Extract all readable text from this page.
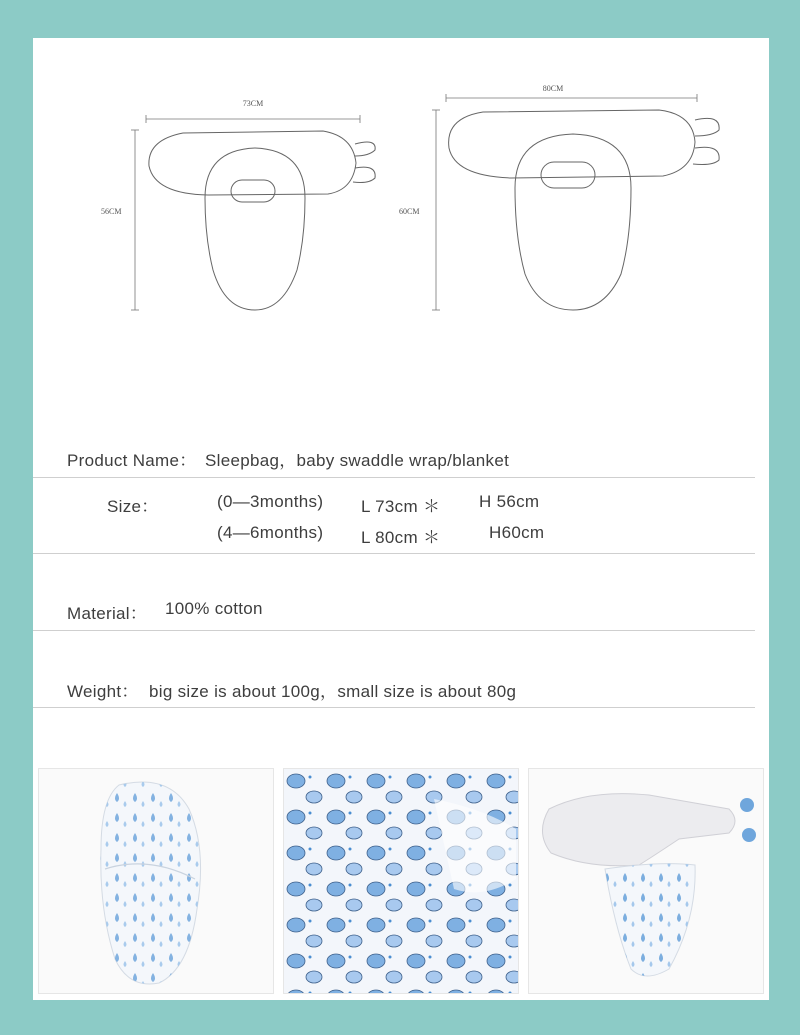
73CM
56CM
80CM
60CM
Product Name： Sleepbag，baby swaddle wrap/blanket
Size：	(0—3months) L 73cm ＊ H 56cm
(4—6months) L 80cm ＊	H60cm
Material： 100% cotton
Weight： big size is about 100g，small size is about 80g
